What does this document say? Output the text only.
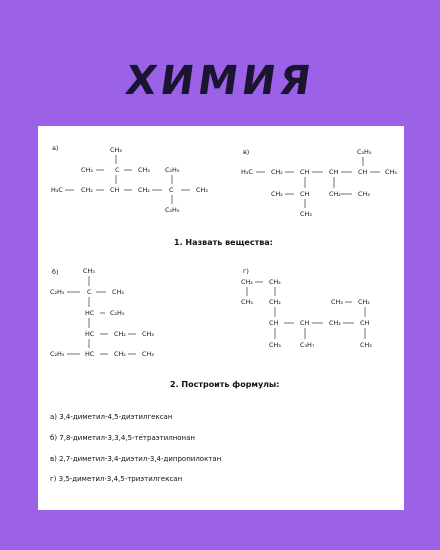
ХИМИЯ
а)	CH₃
CH₃	C	CH₃ C₂H₅
H₃C	CH₂	CH	CH₂	C	CH₃
C₂H₅
в)	C₂H₅
H₃C	CH₂	CH	CH	CH	CH₃
CH₂	CH	CH₂	CH₃
CH₃
б)	CH₃
C₂H₅	C	CH₃
HC C₂H₅
HC	CH₂	CH₃
C₂H₅	HC	CH₂	CH₃
г)
CH₂	CH₂
CH₃	CH₂	CH₃ CH₂
CH	CH	CH₂	CH
CH₃	C₃H₇	CH₃
1. Назвать вещества:
2. Построить формулы:
а) 3,4-диметил-4,5-диэтилгексан
б) 7,8-диметил-3,3,4,5-тетраэтилнонан
в) 2,7-диметил-3,4-диэтил-3,4-дипропилоктан
г) 3,5-диметил-3,4,5-триэтилгексан
